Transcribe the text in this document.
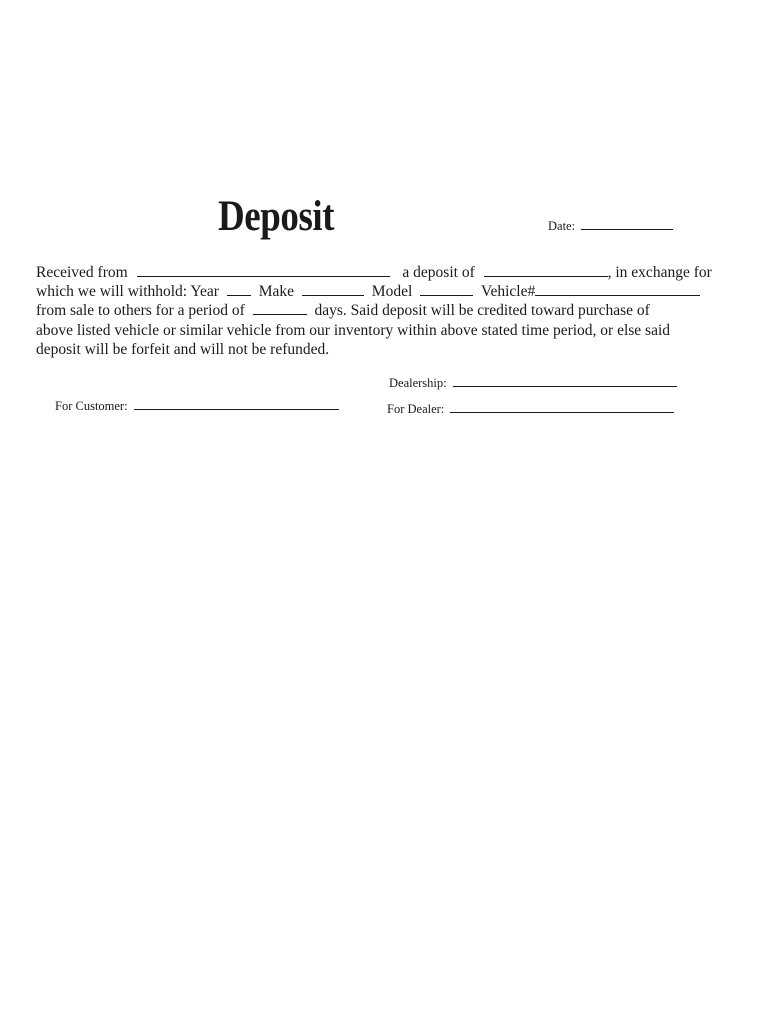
Deposit	Date:
Received from	a deposit of	, in exchange for
which we will withhold: Year	Make	Model	Vehicle#
from sale to others for a period of	days. Said deposit will be credited toward purchase of
above listed vehicle or similar vehicle from our inventory within above stated time period, or else said
deposit will be forfeit and will not be refunded.
Dealership:
For Customer:	For Dealer:
